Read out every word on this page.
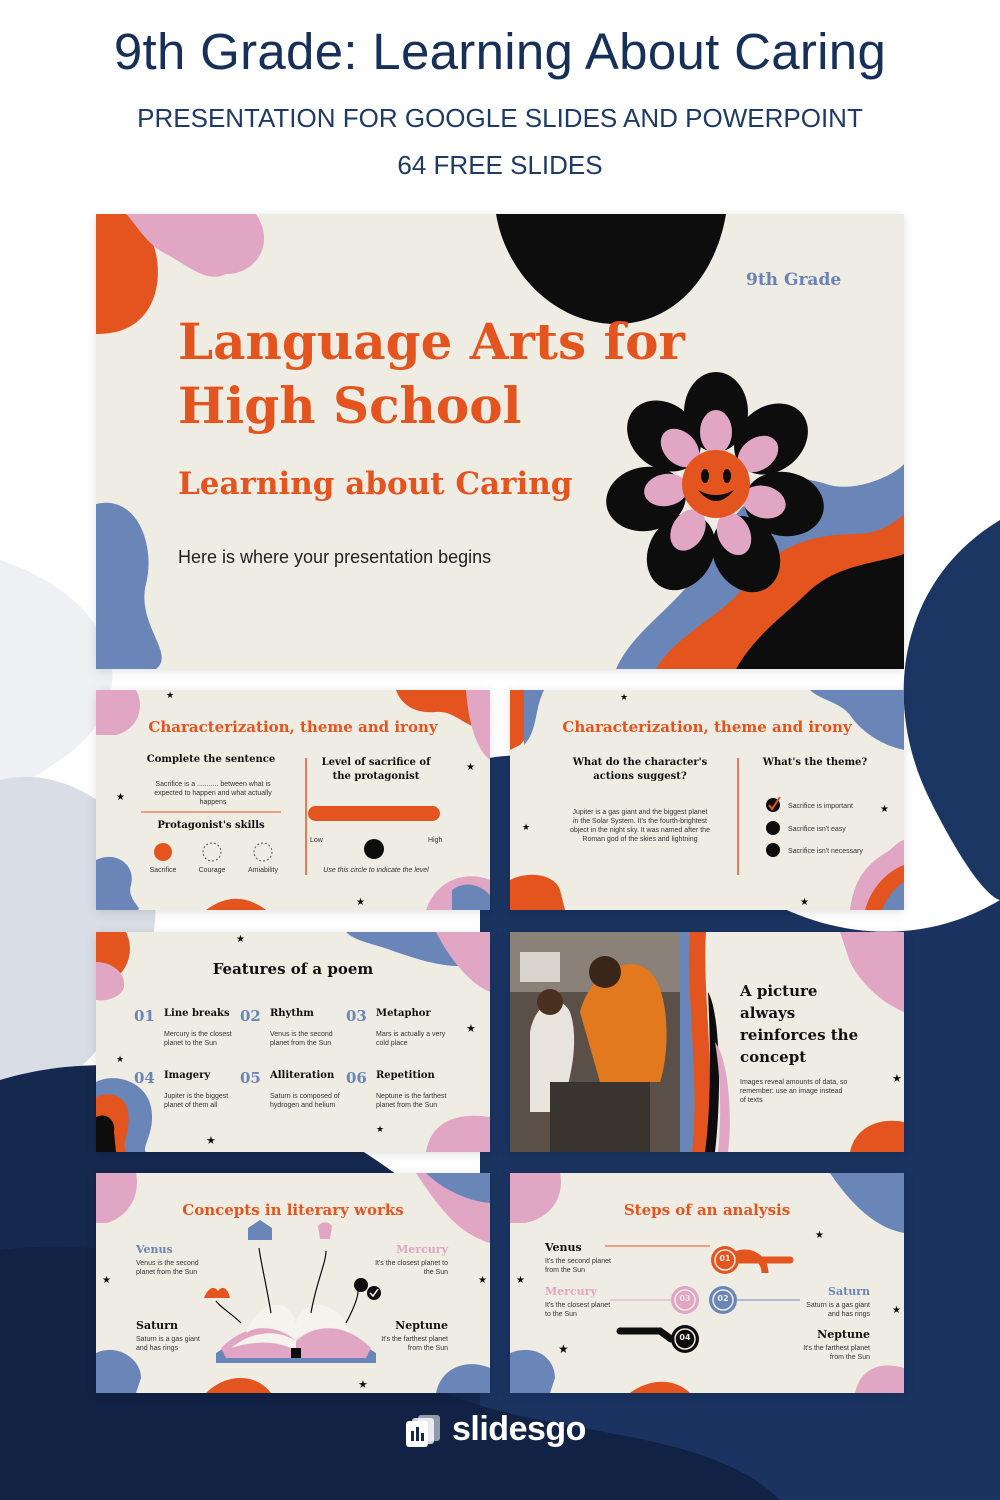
9th Grade: Learning About Caring
PRESENTATION FOR GOOGLE SLIDES AND POWERPOINT
64 FREE SLIDES
9th Grade
Language Arts for
High School
Learning about Caring
Here is where your presentation begins
★
★
★
★
Characterization, theme and irony
Complete the sentence
Sacrifice is a ........... between what is expected to happen and what actually happens
Protagonist's skills
Sacrifice	Courage	Amiability
Level of sacrifice of the protagonist
Low	High
Use this circle to indicate the level
★
★
★
★
Characterization, theme and irony
What do the character's actions suggest?
Jupiter is a gas giant and the biggest planet in the Solar System. It's the fourth-brightest object in the night sky. It was named after the Roman god of the skies and lightning
What's the theme?
Sacrifice is important
Sacrifice isn't easy
Sacrifice isn't necessary
★
★
★
★
★
Features of a poem
01 Line breaks
Mercury is the closest planet to the Sun
02 Rhythm
Venus is the second planet from the Sun
03 Metaphor
Mars is actually a very cold place
04 Imagery
Jupiter is the biggest planet of them all
05 Alliteration
Saturn is composed of hydrogen and helium
06 Repetition
Neptune is the farthest planet from the Sun
★
A picture always reinforces the concept
Images reveal amounts of data, so remember: use an image instead of texts
★	★
★
Concepts in literary works
Venus
Venus is the second planet from the Sun
Mercury
It's the closest planet to the Sun
Saturn
Saturn is a gas giant and has rings
Neptune
It's the farthest planet from the Sun
★
★
★
★
Steps of an analysis
01
02
03
04
Venus
It's the second planet from the Sun
Mercury
It's the closest planet to the Sun
Saturn
Saturn is a gas giant and has rings
Neptune
It's the farthest planet from the Sun
slidesgo
